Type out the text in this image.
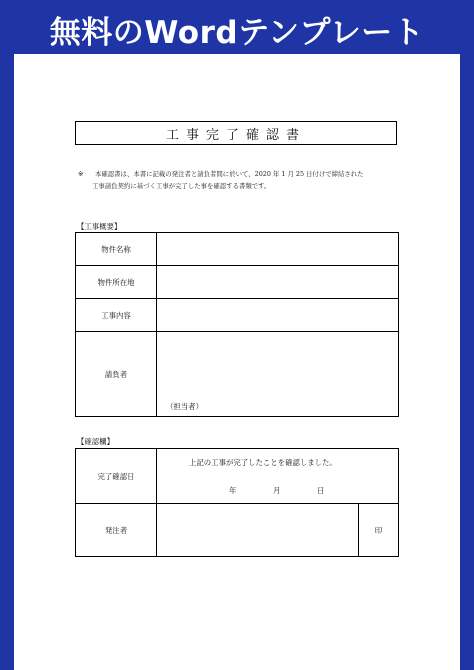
無料のWordテンプレート
工事完了確認書
※ 本確認書は、本書に記載の発注者と請負者間に於いて、2020 年 1 月 25 日付けで締結された
工事請負契約に基づく工事が完了した事を確認する書類です。
【工事概要】
物件名称	
物件所在地	
工事内容	
請負者	（担当者）
【確認欄】
完了確認日	上記の工事が完了したことを確認しました。
年 月 日	

発注者		印
